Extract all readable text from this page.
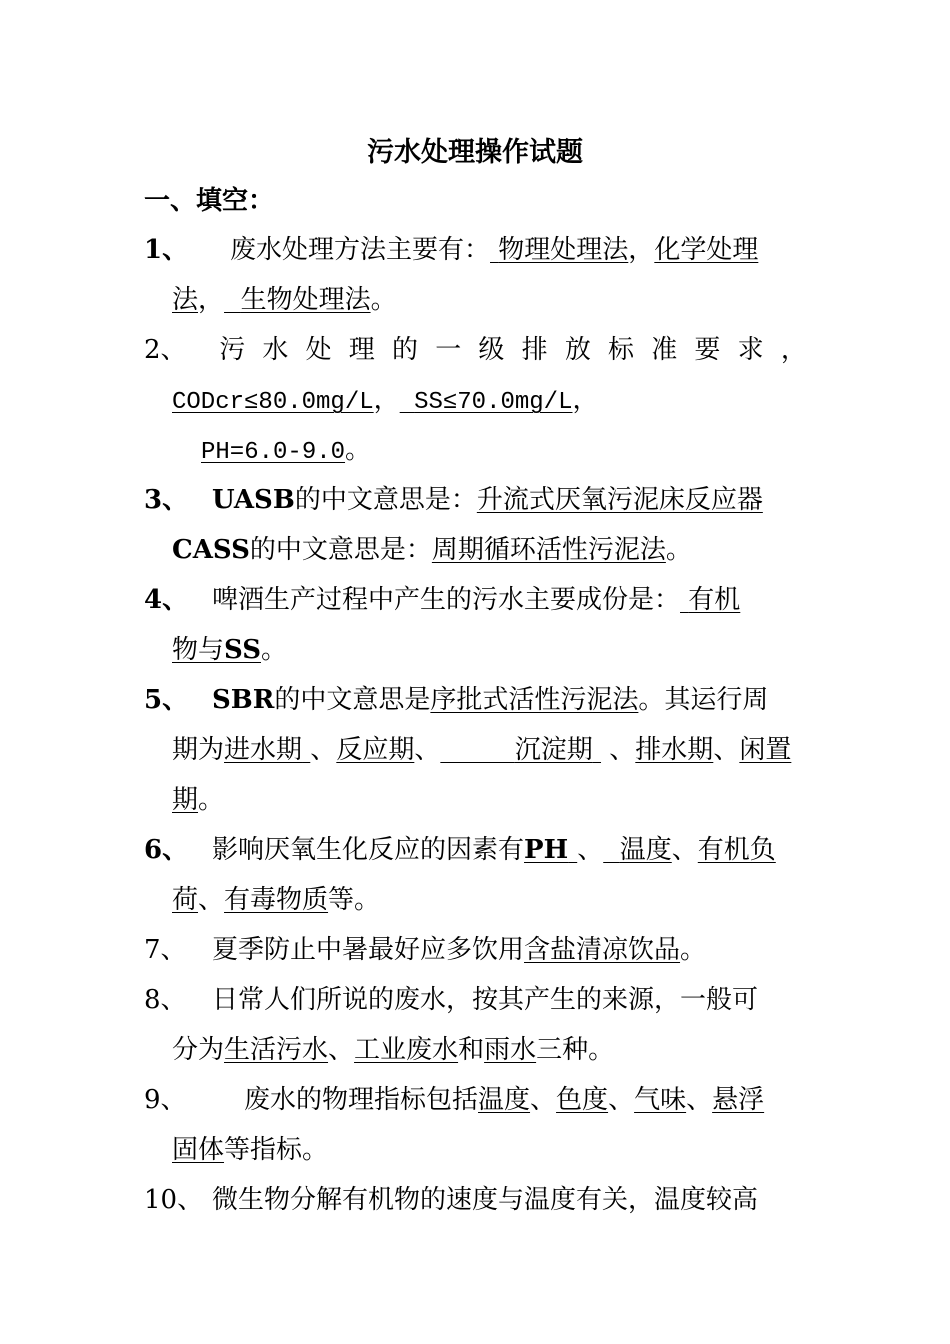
污水处理操作试题
一、填空：
1、 废水处理方法主要有： 物理处理法，化学处理
法， 生物处理法。
2、	污 水 处 理 的 一 级 排 放 标 准 要 求 ，
CODcr≤80.0mg/L， SS≤70.0mg/L，
PH=6.0-9.0。
3、 UASB的中文意思是：升流式厌氧污泥床反应器
CASS的中文意思是：周期循环活性污泥法。
4、 啤酒生产过程中产生的污水主要成份是： 有机
物与SS。
5、 SBR的中文意思是序批式活性污泥法。其运行周
期为进水期 、反应期、	沉淀期 、排水期、闲置
期。
6、 影响厌氧生化反应的因素有PH 、 温度、有机负
荷、有毒物质等。
7、 夏季防止中暑最好应多饮用含盐清凉饮品。
8、 日常人们所说的废水，按其产生的来源，一般可
分为生活污水、工业废水和雨水三种。
9、 废水的物理指标包括温度、色度、气味、悬浮
固体等指标。
10、 微生物分解有机物的速度与温度有关，温度较高
